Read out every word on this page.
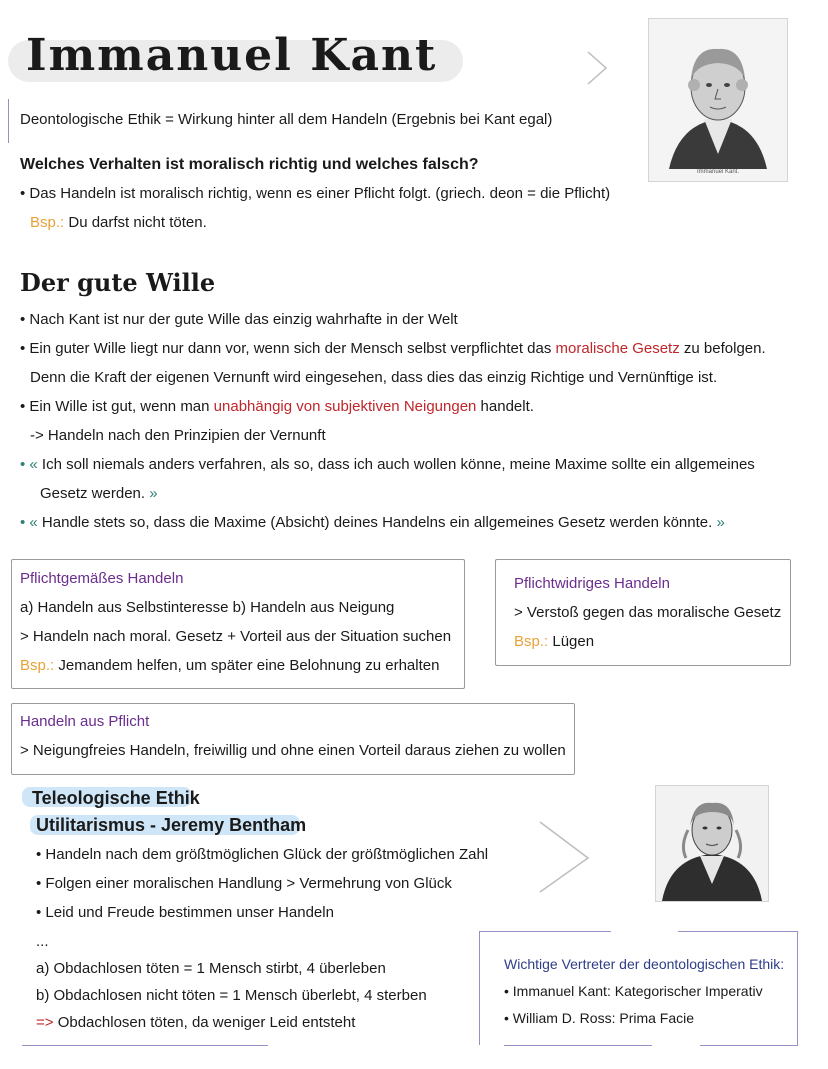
Immanuel Kant
Immanuel Kant.
Deontologische Ethik = Wirkung hinter all dem Handeln (Ergebnis bei Kant egal)
Welches Verhalten ist moralisch richtig und welches falsch?
• Das Handeln ist moralisch richtig, wenn es einer Pflicht folgt. (griech. deon = die Pflicht)
Bsp.: Du darfst nicht töten.
Der gute Wille
• Nach Kant ist nur der gute Wille das einzig wahrhafte in der Welt
• Ein guter Wille liegt nur dann vor, wenn sich der Mensch selbst verpflichtet das moralische Gesetz zu befolgen.
Denn die Kraft der eigenen Vernunft wird eingesehen, dass dies das einzig Richtige und Vernünftige ist.
• Ein Wille ist gut, wenn man unabhängig von subjektiven Neigungen handelt.
-> Handeln nach den Prinzipien der Vernunft
• « Ich soll niemals anders verfahren, als so, dass ich auch wollen könne, meine Maxime sollte ein allgemeines
Gesetz werden. »
• « Handle stets so, dass die Maxime (Absicht) deines Handelns ein allgemeines Gesetz werden könnte. »
Pflichtgemäßes Handeln
a) Handeln aus Selbstinteresse b) Handeln aus Neigung
> Handeln nach moral. Gesetz + Vorteil aus der Situation suchen
Bsp.: Jemandem helfen, um später eine Belohnung zu erhalten
Pflichtwidriges Handeln
> Verstoß gegen das moralische Gesetz
Bsp.: Lügen
Handeln aus Pflicht
> Neigungfreies Handeln, freiwillig und ohne einen Vorteil daraus ziehen zu wollen
Teleologische Ethik
Utilitarismus - Jeremy Bentham
• Handeln nach dem größtmöglichen Glück der größtmöglichen Zahl
• Folgen einer moralischen Handlung > Vermehrung von Glück
• Leid und Freude bestimmen unser Handeln
...
a) Obdachlosen töten = 1 Mensch stirbt, 4 überleben
b) Obdachlosen nicht töten = 1 Mensch überlebt, 4 sterben
=> Obdachlosen töten, da weniger Leid entsteht
Wichtige Vertreter der deontologischen Ethik:
• Immanuel Kant: Kategorischer Imperativ
• William D. Ross: Prima Facie
